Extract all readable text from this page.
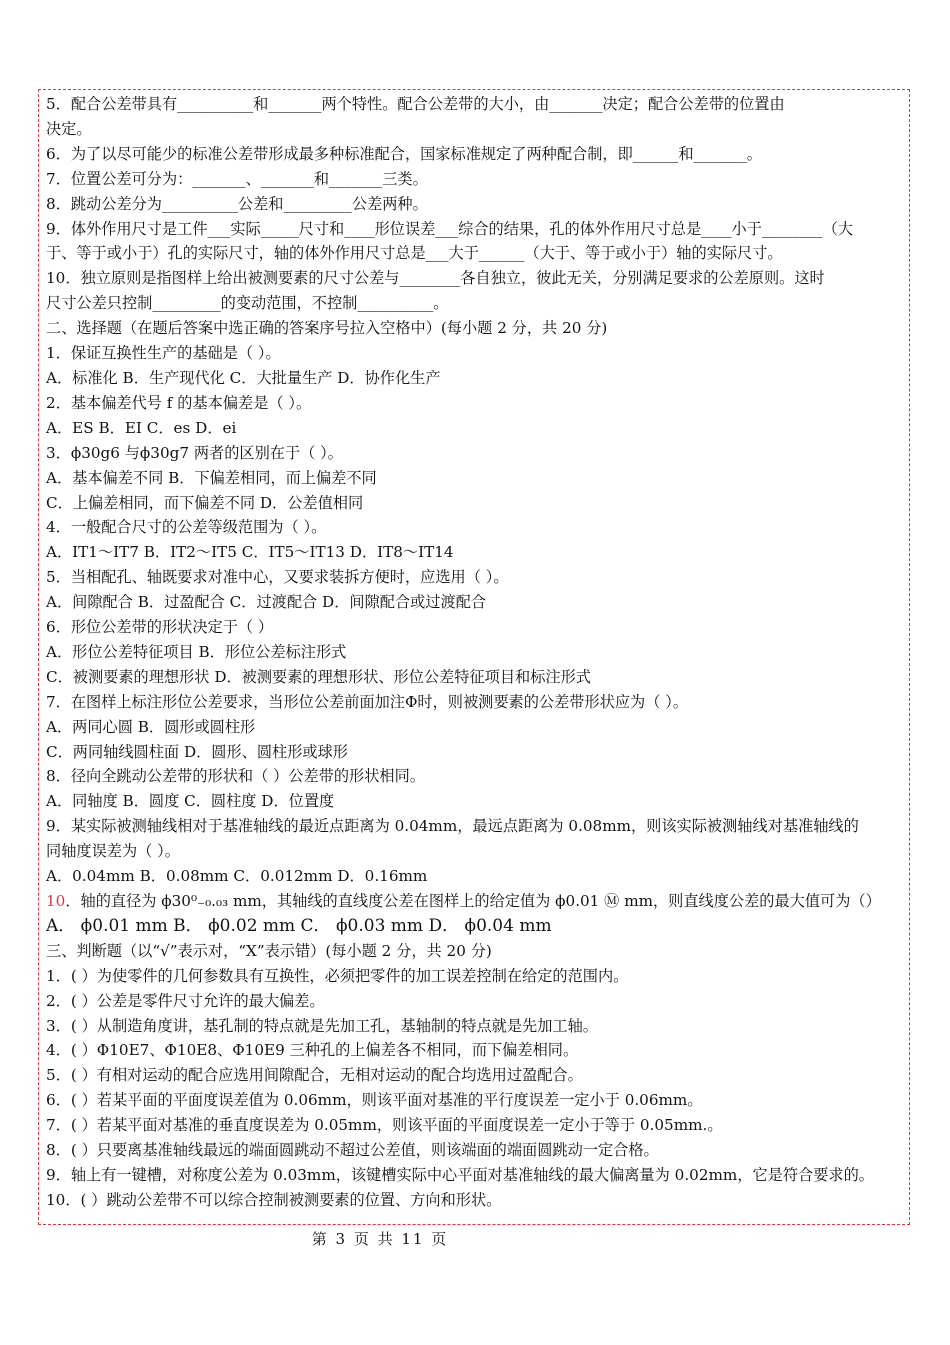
5．配合公差带具有__________和_______两个特性。配合公差带的大小，由_______决定；配合公差带的位置由
决定。
6．为了以尽可能少的标准公差带形成最多种标准配合，国家标准规定了两种配合制，即______和_______。
7．位置公差可分为：_______、_______和_______三类。
8．跳动公差分为__________公差和_________公差两种。
9．体外作用尺寸是工件___实际_____尺寸和____形位误差___综合的结果，孔的体外作用尺寸总是____小于________（大
于、等于或小于）孔的实际尺寸，轴的体外作用尺寸总是___大于______（大于、等于或小于）轴的实际尺寸。
10．独立原则是指图样上给出被测要素的尺寸公差与________各自独立，彼此无关，分别满足要求的公差原则。这时
尺寸公差只控制_________的变动范围，不控制__________。
二、选择题（在题后答案中选正确的答案序号拉入空格中）(每小题 2 分，共 20 分)
1．保证互换性生产的基础是（ ）。
A．标准化 B．生产现代化 C．大批量生产 D．协作化生产
2．基本偏差代号 f 的基本偏差是（ ）。
A．ES B．EI C．es D．ei
3．ϕ30g6 与ϕ30g7 两者的区别在于（ ）。
A．基本偏差不同 B．下偏差相同，而上偏差不同
C．上偏差相同，而下偏差不同 D．公差值相同
4．一般配合尺寸的公差等级范围为（ ）。
A．IT1～IT7 B．IT2～IT5 C．IT5～IT13 D．IT8～IT14
5．当相配孔、轴既要求对准中心，又要求装拆方便时，应选用（ ）。
A．间隙配合 B．过盈配合 C．过渡配合 D．间隙配合或过渡配合
6．形位公差带的形状决定于（ ）
A．形位公差特征项目 B．形位公差标注形式
C．被测要素的理想形状 D．被测要素的理想形状、形位公差特征项目和标注形式
7．在图样上标注形位公差要求，当形位公差前面加注Φ时，则被测要素的公差带形状应为（ ）。
A．两同心圆 B．圆形或圆柱形
C．两同轴线圆柱面 D．圆形、圆柱形或球形
8．径向全跳动公差带的形状和（ ）公差带的形状相同。
A．同轴度 B．圆度 C．圆柱度 D．位置度
9．某实际被测轴线相对于基准轴线的最近点距离为 0.04mm，最远点距离为 0.08mm，则该实际被测轴线对基准轴线的
同轴度误差为（ ）。
A．0.04mm B．0.08mm C．0.012mm D．0.16mm
10．轴的直径为 ϕ30⁰₋₀.₀₃ mm，其轴线的直线度公差在图样上的给定值为 ϕ0.01 Ⓜ mm，则直线度公差的最大值可为（）
A． ϕ0.01 mm B． ϕ0.02 mm C． ϕ0.03 mm D． ϕ0.04 mm
三、判断题（以“√”表示对，“X”表示错）(每小题 2 分，共 20 分)
1．( ）为使零件的几何参数具有互换性，必须把零件的加工误差控制在给定的范围内。
2．( ）公差是零件尺寸允许的最大偏差。
3．( ）从制造角度讲，基孔制的特点就是先加工孔，基轴制的特点就是先加工轴。
4．( ）Φ10E7、Φ10E8、Φ10E9 三种孔的上偏差各不相同，而下偏差相同。
5．( ）有相对运动的配合应选用间隙配合，无相对运动的配合均选用过盈配合。
6．( ）若某平面的平面度误差值为 0.06mm，则该平面对基准的平行度误差一定小于 0.06mm。
7．( ）若某平面对基准的垂直度误差为 0.05mm，则该平面的平面度误差一定小于等于 0.05mm.。
8．( ）只要离基准轴线最远的端面圆跳动不超过公差值，则该端面的端面圆跳动一定合格。
9．轴上有一键槽，对称度公差为 0.03mm，该键槽实际中心平面对基准轴线的最大偏离量为 0.02mm，它是符合要求的。
10．( ）跳动公差带不可以综合控制被测要素的位置、方向和形状。
第 3 页 共 11 页
